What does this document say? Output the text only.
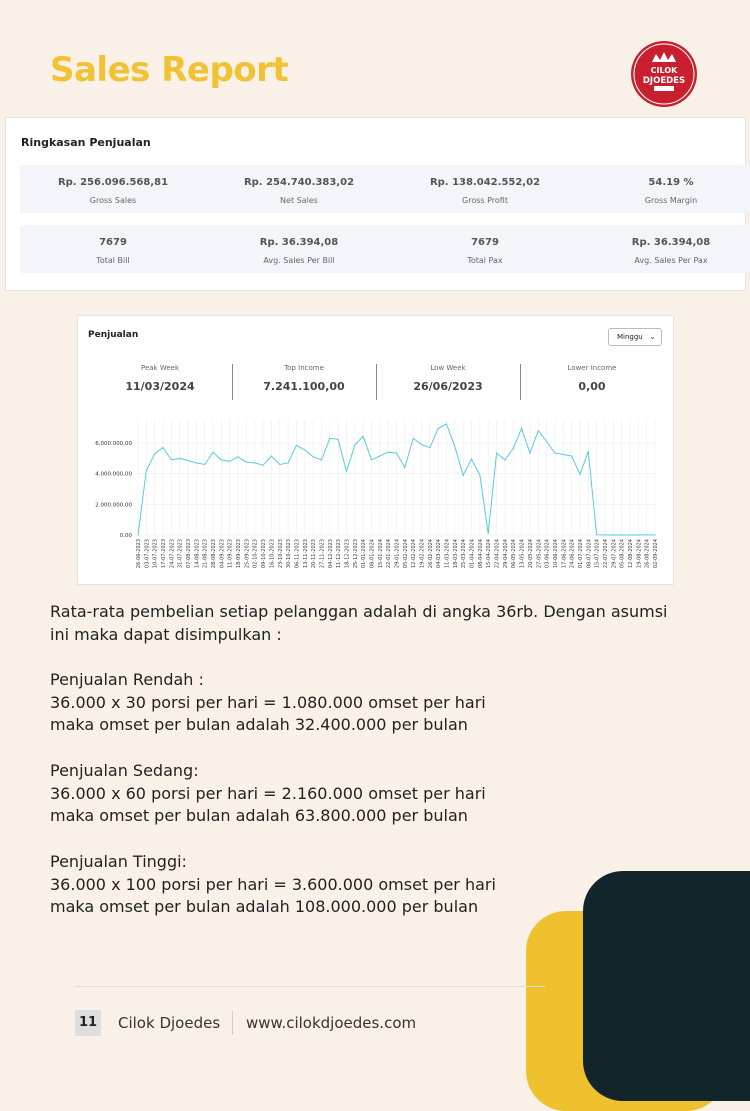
Sales Report	CILOK
DJOEDES
Ringkasan Penjualan
Rp. 256.096.568,81
Gross Sales
Rp. 254.740.383,02
Net Sales
Rp. 138.042.552,02
Gross Profit
54.19 %
Gross Margin
7679
Total Bill
Rp. 36.394,08
Avg. Sales Per Bill
7679
Total Pax
Rp. 36.394,08
Avg. Sales Per Pax
Penjualan	Minggu ⌄
Peak Week
11/03/2024
Top Income
7.241.100,00
Low Week
26/06/2023
Lower Income
0,00
0,00
2.000.000,00
4.000.000,00
6.000.000,00
26-06-2023 03-07-2023 10-07-2023 17-07-2023 24-07-2023 31-07-2023 07-08-2023 14-08-2023 21-08-2023 28-08-2023 04-09-2023 11-09-2023 18-09-2023 25-09-2023 02-10-2023 09-10-2023 16-10-2023 23-10-2023 30-10-2023 06-11-2023 13-11-2023 20-11-2023 27-11-2023 04-12-2023 11-12-2023 18-12-2023 25-12-2023 01-01-2024 08-01-2024 15-01-2024 22-01-2024 29-01-2024 05-02-2024 12-02-2024 19-02-2024 26-02-2024 04-03-2024 11-03-2024 18-03-2024 25-03-2024 01-04-2024 08-04-2024 15-04-2024 22-04-2024 29-04-2024 06-05-2024 13-05-2024 20-05-2024 27-05-2024 03-06-2024 10-06-2024 17-06-2024 24-06-2024 01-07-2024 08-07-2024 15-07-2024 22-07-2024 29-07-2024 05-08-2024 12-08-2024 19-08-2024 26-08-2024 02-09-2024
Rata-rata pembelian setiap pelanggan adalah di angka 36rb. Dengan asumsi
ini maka dapat disimpulkan :
Penjualan Rendah :
36.000 x 30 porsi per hari = 1.080.000 omset per hari
maka omset per bulan adalah 32.400.000 per bulan
Penjualan Sedang:
36.000 x 60 porsi per hari = 2.160.000 omset per hari
maka omset per bulan adalah 63.800.000 per bulan
Penjualan Tinggi:
36.000 x 100 porsi per hari = 3.600.000 omset per hari
maka omset per bulan adalah 108.000.000 per bulan
11 Cilok Djoedes www.cilokdjoedes.com
